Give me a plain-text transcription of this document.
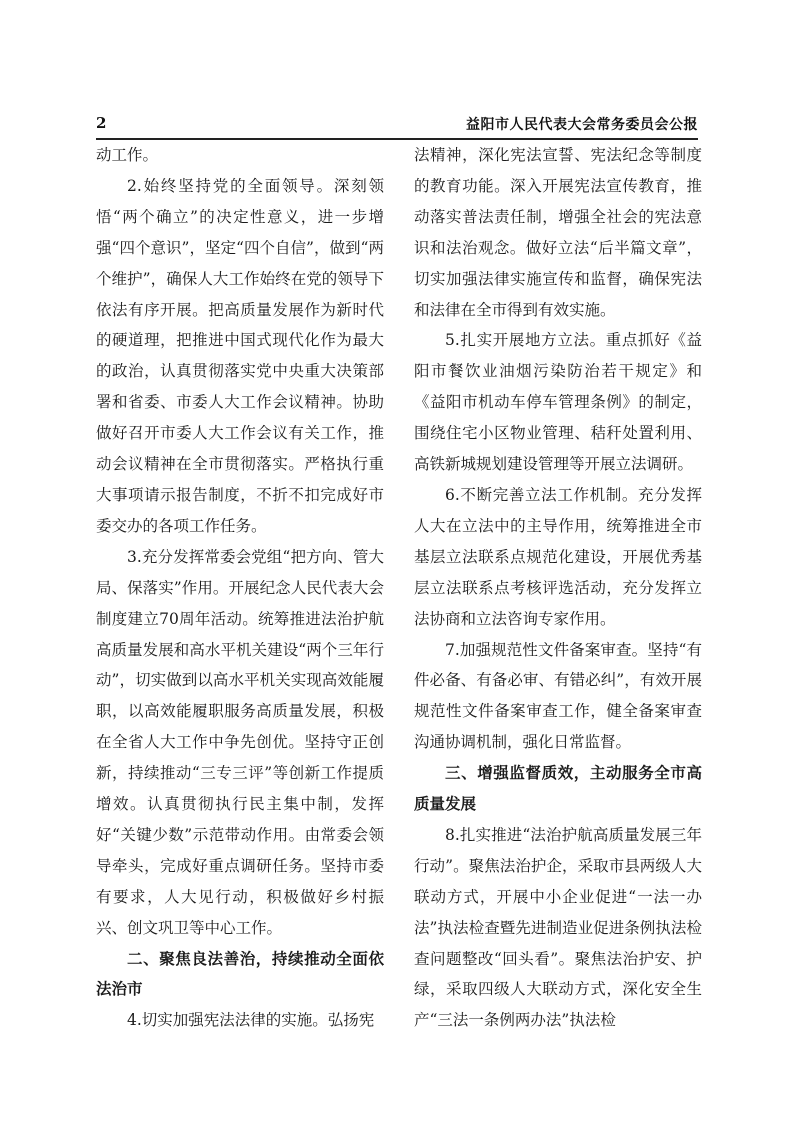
2	益阳市人民代表大会常务委员会公报

动工作。

2.始终坚持党的全面领导。深刻领悟“两个确立”的决定性意义，进一步增强“四个意识”，坚定“四个自信”，做到“两个维护”，确保人大工作始终在党的领导下依法有序开展。把高质量发展作为新时代的硬道理，把推进中国式现代化作为最大的政治，认真贯彻落实党中央重大决策部署和省委、市委人大工作会议精神。协助做好召开市委人大工作会议有关工作，推动会议精神在全市贯彻落实。严格执行重大事项请示报告制度，不折不扣完成好市委交办的各项工作任务。

3.充分发挥常委会党组“把方向、管大局、保落实”作用。开展纪念人民代表大会制度建立70周年活动。统筹推进法治护航高质量发展和高水平机关建设“两个三年行动”，切实做到以高水平机关实现高效能履职，以高效能履职服务高质量发展，积极在全省人大工作中争先创优。坚持守正创新，持续推动“三专三评”等创新工作提质增效。认真贯彻执行民主集中制，发挥好“关键少数”示范带动作用。由常委会领导牵头，完成好重点调研任务。坚持市委有要求，人大见行动，积极做好乡村振兴、创文巩卫等中心工作。

二、聚焦良法善治，持续推动全面依法治市

4.切实加强宪法法律的实施。弘扬宪

法精神，深化宪法宣誓、宪法纪念等制度的教育功能。深入开展宪法宣传教育，推动落实普法责任制，增强全社会的宪法意识和法治观念。做好立法“后半篇文章”，切实加强法律实施宣传和监督，确保宪法和法律在全市得到有效实施。

5.扎实开展地方立法。重点抓好《益阳市餐饮业油烟污染防治若干规定》和《益阳市机动车停车管理条例》的制定，围绕住宅小区物业管理、秸秆处置利用、高铁新城规划建设管理等开展立法调研。

6.不断完善立法工作机制。充分发挥人大在立法中的主导作用，统筹推进全市基层立法联系点规范化建设，开展优秀基层立法联系点考核评选活动，充分发挥立法协商和立法咨询专家作用。

7.加强规范性文件备案审查。坚持“有件必备、有备必审、有错必纠”，有效开展规范性文件备案审查工作，健全备案审查沟通协调机制，强化日常监督。

三、增强监督质效，主动服务全市高质量发展

8.扎实推进“法治护航高质量发展三年行动”。聚焦法治护企，采取市县两级人大联动方式，开展中小企业促进“一法一办法”执法检查暨先进制造业促进条例执法检查问题整改“回头看”。聚焦法治护安、护绿，采取四级人大联动方式，深化安全生产“三法一条例两办法”执法检
